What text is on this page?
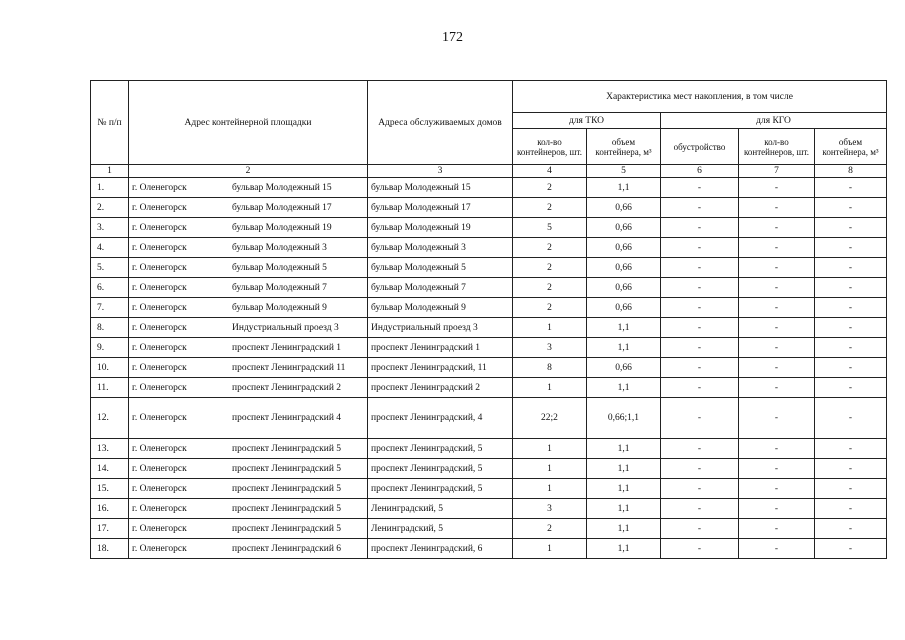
172
№ п/п	Адрес контейнерной площадки	Адреса обслуживаемых домов	Характеристика мест накопления, в том числе				
			для ТКО		для КГО		
			кол-во контейнеров, шт.	объем контейнера, м³	обустройство	кол-во контейнеров, шт.	объем контейнера, м³
1	2	3	4	5	6	7	8
1.	г. Оленегорск бульвар Молодежный 15	бульвар Молодежный 15	2	1,1	-	-	-
2.	г. Оленегорск бульвар Молодежный 17	бульвар Молодежный 17	2	0,66	-	-	-
3.	г. Оленегорск бульвар Молодежный 19	бульвар Молодежный 19	5	0,66	-	-	-
4.	г. Оленегорск бульвар Молодежный 3	бульвар Молодежный 3	2	0,66	-	-	-
5.	г. Оленегорск бульвар Молодежный 5	бульвар Молодежный 5	2	0,66	-	-	-
6.	г. Оленегорск бульвар Молодежный 7	бульвар Молодежный 7	2	0,66	-	-	-
7.	г. Оленегорск бульвар Молодежный 9	бульвар Молодежный 9	2	0,66	-	-	-
8.	г. Оленегорск Индустриальный проезд 3	Индустриальный проезд 3	1	1,1	-	-	-
9.	г. Оленегорск проспект Ленинградский 1	проспект Ленинградский 1	3	1,1	-	-	-
10.	г. Оленегорск проспект Ленинградский 11	проспект Ленинградский, 11	8	0,66	-	-	-
11.	г. Оленегорск проспект Ленинградский 2	проспект Ленинградский 2	1	1,1	-	-	-
12.	г. Оленегорск проспект Ленинградский 4	проспект Ленинградский, 4	22;2	0,66;1,1	-	-	-
13.	г. Оленегорск проспект Ленинградский 5	проспект Ленинградский, 5	1	1,1	-	-	-
14.	г. Оленегорск проспект Ленинградский 5	проспект Ленинградский, 5	1	1,1	-	-	-
15.	г. Оленегорск проспект Ленинградский 5	проспект Ленинградский, 5	1	1,1	-	-	-
16.	г. Оленегорск проспект Ленинградский 5	Ленинградский, 5	3	1,1	-	-	-
17.	г. Оленегорск проспект Ленинградский 5	Ленинградский, 5	2	1,1	-	-	-
18.	г. Оленегорск проспект Ленинградский 6	проспект Ленинградский, 6	1	1,1	-	-	-
